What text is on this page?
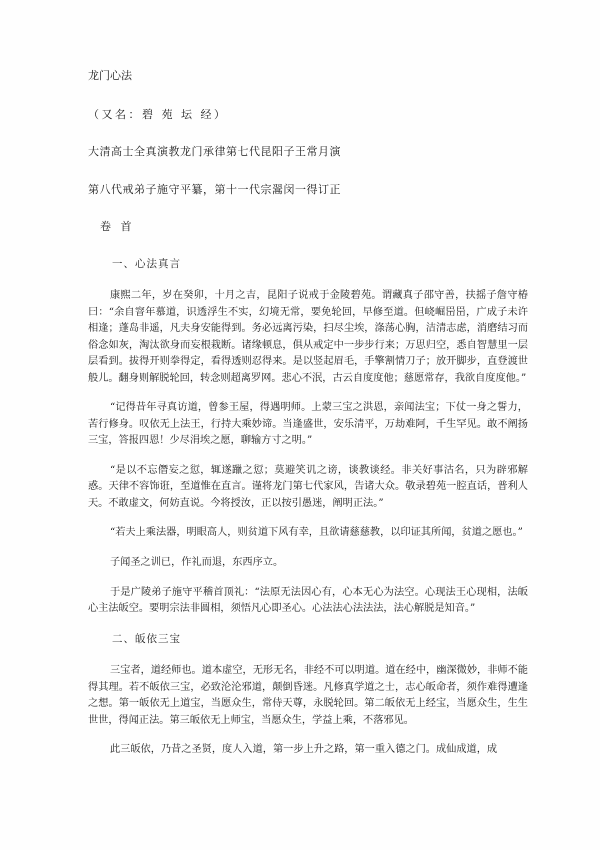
龙门心法
（又名：碧 苑 坛 经）
大清高士全真演教龙门承律第七代昆阳子王常月演
第八代戒弟子施守平纂，第十一代宗翯闵一得订正
卷 首
一、心法真言

康熙二年，岁在癸卯，十月之吉，昆阳子说戒于金陵碧苑。谓藏真子邵守善，扶摇子詹守椿曰：“余自窨年慕道，识透浮生不实，幻境无常，要免轮回，早修至道。但峣崛岊岊，广成子未许相逢；蓬岛非遥，凡夫身安能得到。务必远离污染，扫尽尘埃，涤荡心胸，洁清志虑，消磨结习而俗念如灰，淘汰欲身而妄根栽断。诸缘顿息，俱从戒定中一步步行来；万思归空，悉自智慧里一层层看到。拔得开则拳得定，看得透则忍得来。是以竖起眉毛，手擎割情刀子；放开脚步，直登渡世般儿。翻身则解脱轮回，转念则超离罗网。悲心不泯，古云自度度他；慈愿常存，我欲自度度他。”

“记得昔年寻真访道，曾参王屋，得遇明师。上蒙三宝之洪恩，亲闻法宝；下仗一身之誓力，苦行修身。叹依无上法王，行持大乘妙谛。当逢盛世，安乐清平，万劫难阿，千生罕见。敢不阐扬三宝，答报四恩！少尽涓埃之愿，聊输方寸之明。”

“是以不忘僭妄之愆，辄遂躐之愆；莫避笑讥之谤，谈教谈经。非关好事沽名，只为辟邪解惑。天律不容饰诳，至道惟在直言。谨将龙门第七代家风，告诸大众。敬录碧苑一腔直话，普利人天。不敢虚文，何妨直说。今将授汝，正以按引愚迷，阐明正法。”

“若夫上乘法器，明眼高人，则贫道下风有幸，且欲请慈慈教，以印证其所闻，贫道之愿也。”

子闻圣之训已，作礼而退，东西序立。

于是广陵弟子施守平稽首顶礼：“法原无法因心有，心本无心为法空。心现法王心现相，法皈心主法皈空。要明宗法非圆相，须悟凡心即圣心。心法法心法法法，法心解脱是知音。”

二、皈依三宝

三宝者，道经师也。道本虚空，无形无名，非经不可以明道。道在经中，幽深微妙，非师不能得其理。若不皈依三宝，必致沦沦邪道，颠倒昏迷。凡修真学道之士，志心皈命者，须作难得遭逢之想。第一皈依无上道宝，当愿众生，常侍天尊，永脱轮回。第二皈依无上经宝，当愿众生，生生世世，得闻正法。第三皈依无上师宝，当愿众生，学益上乘，不落邪见。

此三皈依，乃昔之圣贤，度人入道，第一步上升之路，第一重入德之门。成仙成道，成
